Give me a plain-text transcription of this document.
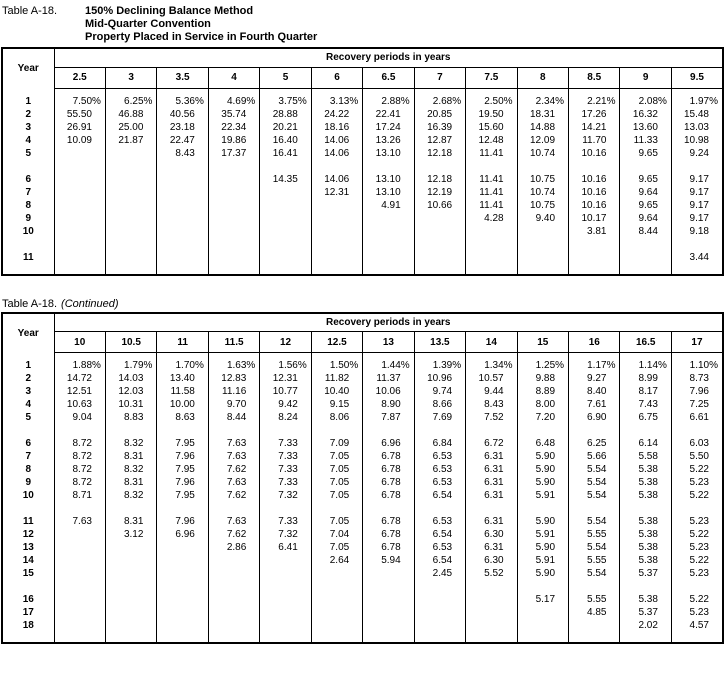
Table A-18.	150% Declining Balance Method
Mid-Quarter Convention
Property Placed in Service in Fourth Quarter
Year	Recovery periods in years												
	2.5	3	3.5	4	5	6	6.5	7	7.5	8	8.5	9	9.5
1	7.50%	6.25%	5.36%	4.69%	3.75%	3.13%	2.88%	2.68%	2.50%	2.34%	2.21%	2.08%	1.97%
2	55.50	46.88	40.56	35.74	28.88	24.22	22.41	20.85	19.50	18.31	17.26	16.32	15.48
3	26.91	25.00	23.18	22.34	20.21	18.16	17.24	16.39	15.60	14.88	14.21	13.60	13.03
4	10.09	21.87	22.47	19.86	16.40	14.06	13.26	12.87	12.48	12.09	11.70	11.33	10.98
5			8.43	17.37	16.41	14.06	13.10	12.18	11.41	10.74	10.16	9.65	9.24

6					14.35	14.06	13.10	12.18	11.41	10.75	10.16	9.65	9.17
7						12.31	13.10	12.19	11.41	10.74	10.16	9.64	9.17
8							4.91	10.66	11.41	10.75	10.16	9.65	9.17
9									4.28	9.40	10.17	9.64	9.17
10											3.81	8.44	9.18

11													3.44
Table A-18. (Continued)
Year	Recovery periods in years												
	10	10.5	11	11.5	12	12.5	13	13.5	14	15	16	16.5	17
1	1.88%	1.79%	1.70%	1.63%	1.56%	1.50%	1.44%	1.39%	1.34%	1.25%	1.17%	1.14%	1.10%
2	14.72	14.03	13.40	12.83	12.31	11.82	11.37	10.96	10.57	9.88	9.27	8.99	8.73
3	12.51	12.03	11.58	11.16	10.77	10.40	10.06	9.74	9.44	8.89	8.40	8.17	7.96
4	10.63	10.31	10.00	9.70	9.42	9.15	8.90	8.66	8.43	8.00	7.61	7.43	7.25
5	9.04	8.83	8.63	8.44	8.24	8.06	7.87	7.69	7.52	7.20	6.90	6.75	6.61

6	8.72	8.32	7.95	7.63	7.33	7.09	6.96	6.84	6.72	6.48	6.25	6.14	6.03
7	8.72	8.31	7.96	7.63	7.33	7.05	6.78	6.53	6.31	5.90	5.66	5.58	5.50
8	8.72	8.32	7.95	7.62	7.33	7.05	6.78	6.53	6.31	5.90	5.54	5.38	5.22
9	8.72	8.31	7.96	7.63	7.33	7.05	6.78	6.53	6.31	5.90	5.54	5.38	5.23
10	8.71	8.32	7.95	7.62	7.32	7.05	6.78	6.54	6.31	5.91	5.54	5.38	5.22

11	7.63	8.31	7.96	7.63	7.33	7.05	6.78	6.53	6.31	5.90	5.54	5.38	5.23
12		3.12	6.96	7.62	7.32	7.04	6.78	6.54	6.30	5.91	5.55	5.38	5.22
13				2.86	6.41	7.05	6.78	6.53	6.31	5.90	5.54	5.38	5.23
14						2.64	5.94	6.54	6.30	5.91	5.55	5.38	5.22
15								2.45	5.52	5.90	5.54	5.37	5.23

16										5.17	5.55	5.38	5.22
17											4.85	5.37	5.23
18												2.02	4.57
